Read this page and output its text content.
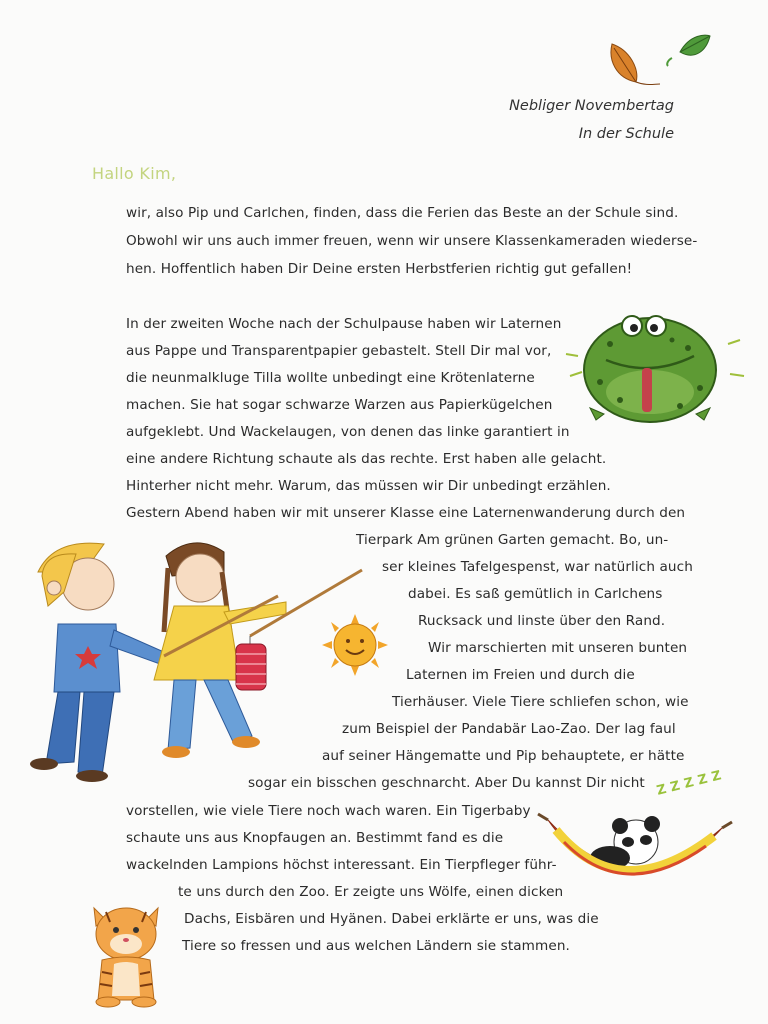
Nebliger Novembertag
In der Schule
Hallo Kim,
wir, also Pip und Carlchen, finden, dass die Ferien das Beste an der Schule sind.
Obwohl wir uns auch immer freuen, wenn wir unsere Klassenkameraden wiederse-
hen. Hoffentlich haben Dir Deine ersten Herbstferien richtig gut gefallen!
In der zweiten Woche nach der Schulpause haben wir Laternen
aus Pappe und Transparentpapier gebastelt. Stell Dir mal vor,
die neunmalkluge Tilla wollte unbedingt eine Krötenlaterne
machen. Sie hat sogar schwarze Warzen aus Papierkügelchen
aufgeklebt. Und Wackelaugen, von denen das linke garantiert in
eine andere Richtung schaute als das rechte. Erst haben alle gelacht.
Hinterher nicht mehr. Warum, das müssen wir Dir unbedingt erzählen.
Gestern Abend haben wir mit unserer Klasse eine Laternenwanderung durch den
Tierpark Am grünen Garten gemacht. Bo, un-
ser kleines Tafelgespenst, war natürlich auch
dabei. Es saß gemütlich in Carlchens
Rucksack und linste über den Rand.
Wir marschierten mit unseren bunten
Laternen im Freien und durch die
Tierhäuser. Viele Tiere schliefen schon, wie
zum Beispiel der Pandabär Lao-Zao. Der lag faul
auf seiner Hängematte und Pip behauptete, er hätte
sogar ein bisschen geschnarcht. Aber Du kannst Dir nicht
vorstellen, wie viele Tiere noch wach waren. Ein Tigerbaby
schaute uns aus Knopfaugen an. Bestimmt fand es die
wackelnden Lampions höchst interessant. Ein Tierpfleger führ-
te uns durch den Zoo. Er zeigte uns Wölfe, einen dicken
Dachs, Eisbären und Hyänen. Dabei erklärte er uns, was die
Tiere so fressen und aus welchen Ländern sie stammen.
Z Z Z Z Z
